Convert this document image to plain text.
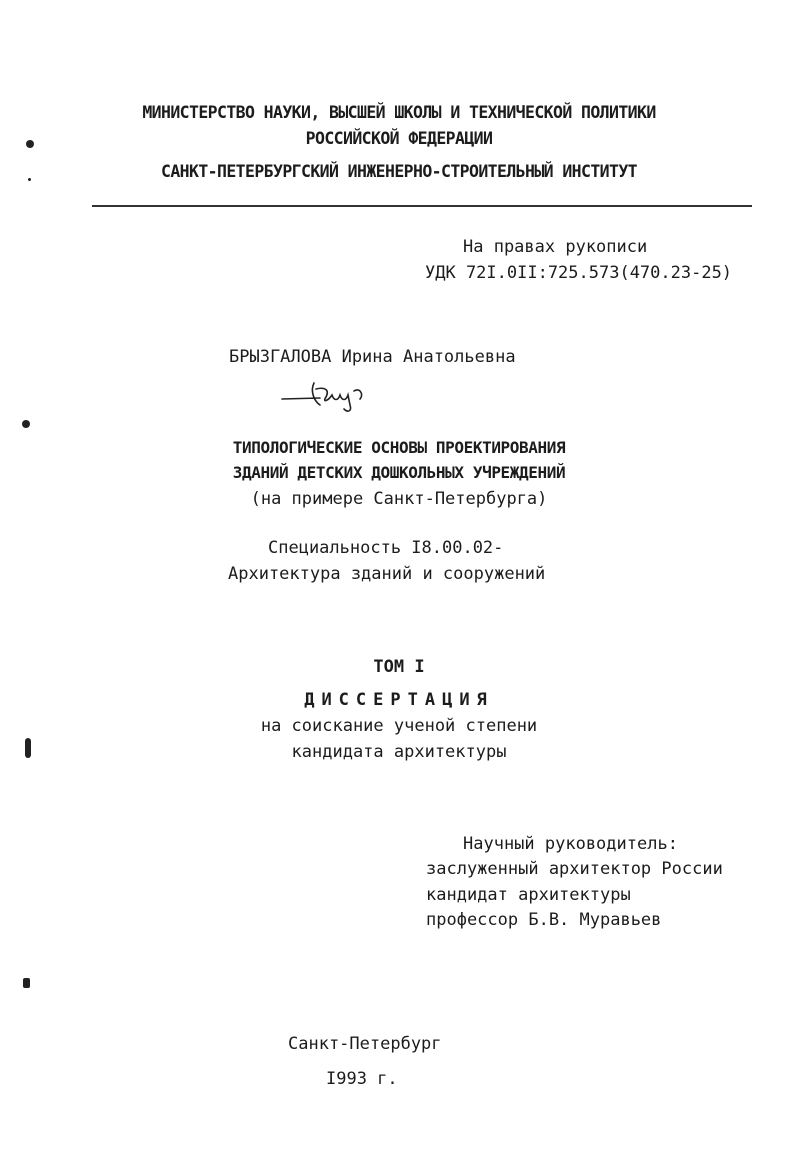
МИНИСТЕРСТВО НАУКИ, ВЫСШЕЙ ШКОЛЫ И ТЕХНИЧЕСКОЙ ПОЛИТИКИ
РОССИЙСКОЙ ФЕДЕРАЦИИ
САНКТ-ПЕТЕРБУРГСКИЙ ИНЖЕНЕРНО-СТРОИТЕЛЬНЫЙ ИНСТИТУТ
На правах рукописи
УДК 72I.0II:725.573(470.23-25)
БРЫЗГАЛОВА Ирина Анатольевна
ТИПОЛОГИЧЕСКИЕ ОСНОВЫ ПРОЕКТИРОВАНИЯ
ЗДАНИЙ ДЕТСКИХ ДОШКОЛЬНЫХ УЧРЕЖДЕНИЙ
(на примере Санкт-Петербурга)
Специальность I8.00.02-
Архитектура зданий и сооружений
ТОМ I
ДИССЕРТАЦИЯ
на соискание ученой степени
кандидата архитектуры
Научный руководитель:
заслуженный архитектор России
кандидат архитектуры
профессор Б.В. Муравьев
Санкт-Петербург
I993 г.
